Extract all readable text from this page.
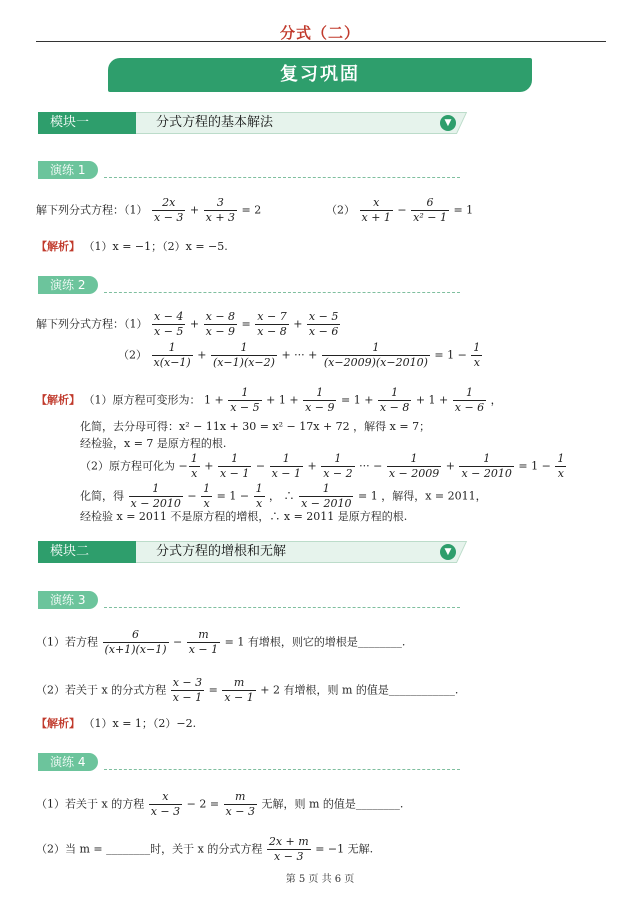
分式（二）
复习巩固
模块一	分式方程的基本解法	▼
演练 1
解下列分式方程：$(1) \frac{2x}{x - 3} + \frac{3}{x + 3} = 2$	$(2) \frac{x}{x + 1} - \frac{6}{\text{x² − 1}} = 1$
【解析】 （1）x = −1；（2）x = −5.
演练 2
解下列分式方程：$(1) \frac{x - 4}{x - 5} + \frac{x - 8}{x - 9} = \frac{x - 7}{x - 8} + \frac{x - 5}{x - 6}$
$(2) \frac{1}{x(x-1)} + \frac{1}{(x-1)(x-2)}$ + ··· + $\frac{1}{(x-2009)(x-2010)} = 1 - \frac{1}{x}$
【解析】 （1）原方程可变形为： $1 + \frac{1}{x - 5} + 1 + \frac{1}{x - 9} = 1 + \frac{1}{x - 8} + 1 + \frac{1}{x - 6}$ ，
化简，去分母可得：x² − 11x + 30 = x² − 17x + 72 ，解得 x = 7；
经检验，x = 7 是原方程的根.
（2）原方程可化为 − $\frac{1}{x} + \frac{1}{x - 1} - \frac{1}{x - 1} + \frac{1}{x - 2}$ ··· − $\frac{1}{x - 2009} + \frac{1}{x - 2010} = 1 - \frac{1}{x}$
化简，得 $\frac{1}{x - 2010} - \frac{1}{x} = 1 - \frac{1}{x}$ ， ∴ $\frac{1}{x - 2010} = 1$ ，解得，x = 2011，
经检验 x = 2011 不是原方程的增根，∴ x = 2011 是原方程的根.
模块二	分式方程的增根和无解	▼
演练 3
（1）若方程 $\frac{6}{(x+1)(x-1)} - \frac{m}{x - 1} = 1$ 有增根，则它的增根是________.
（2）若关于 x 的分式方程 $\frac{x - 3}{x - 1} = \frac{m}{x - 1} + 2$ 有增根，则 m 的值是____________.
【解析】 （1）x = 1；（2）−2.
演练 4
（1）若关于 x 的方程 $\frac{x}{x - 3} - 2 = \frac{m}{x - 3}$ 无解，则 m 的值是________.
（2）当 m = ________时，关于 x 的分式方程 $\frac{2x + m}{x - 3} = -1$ 无解.
第 5 页 共 6 页
